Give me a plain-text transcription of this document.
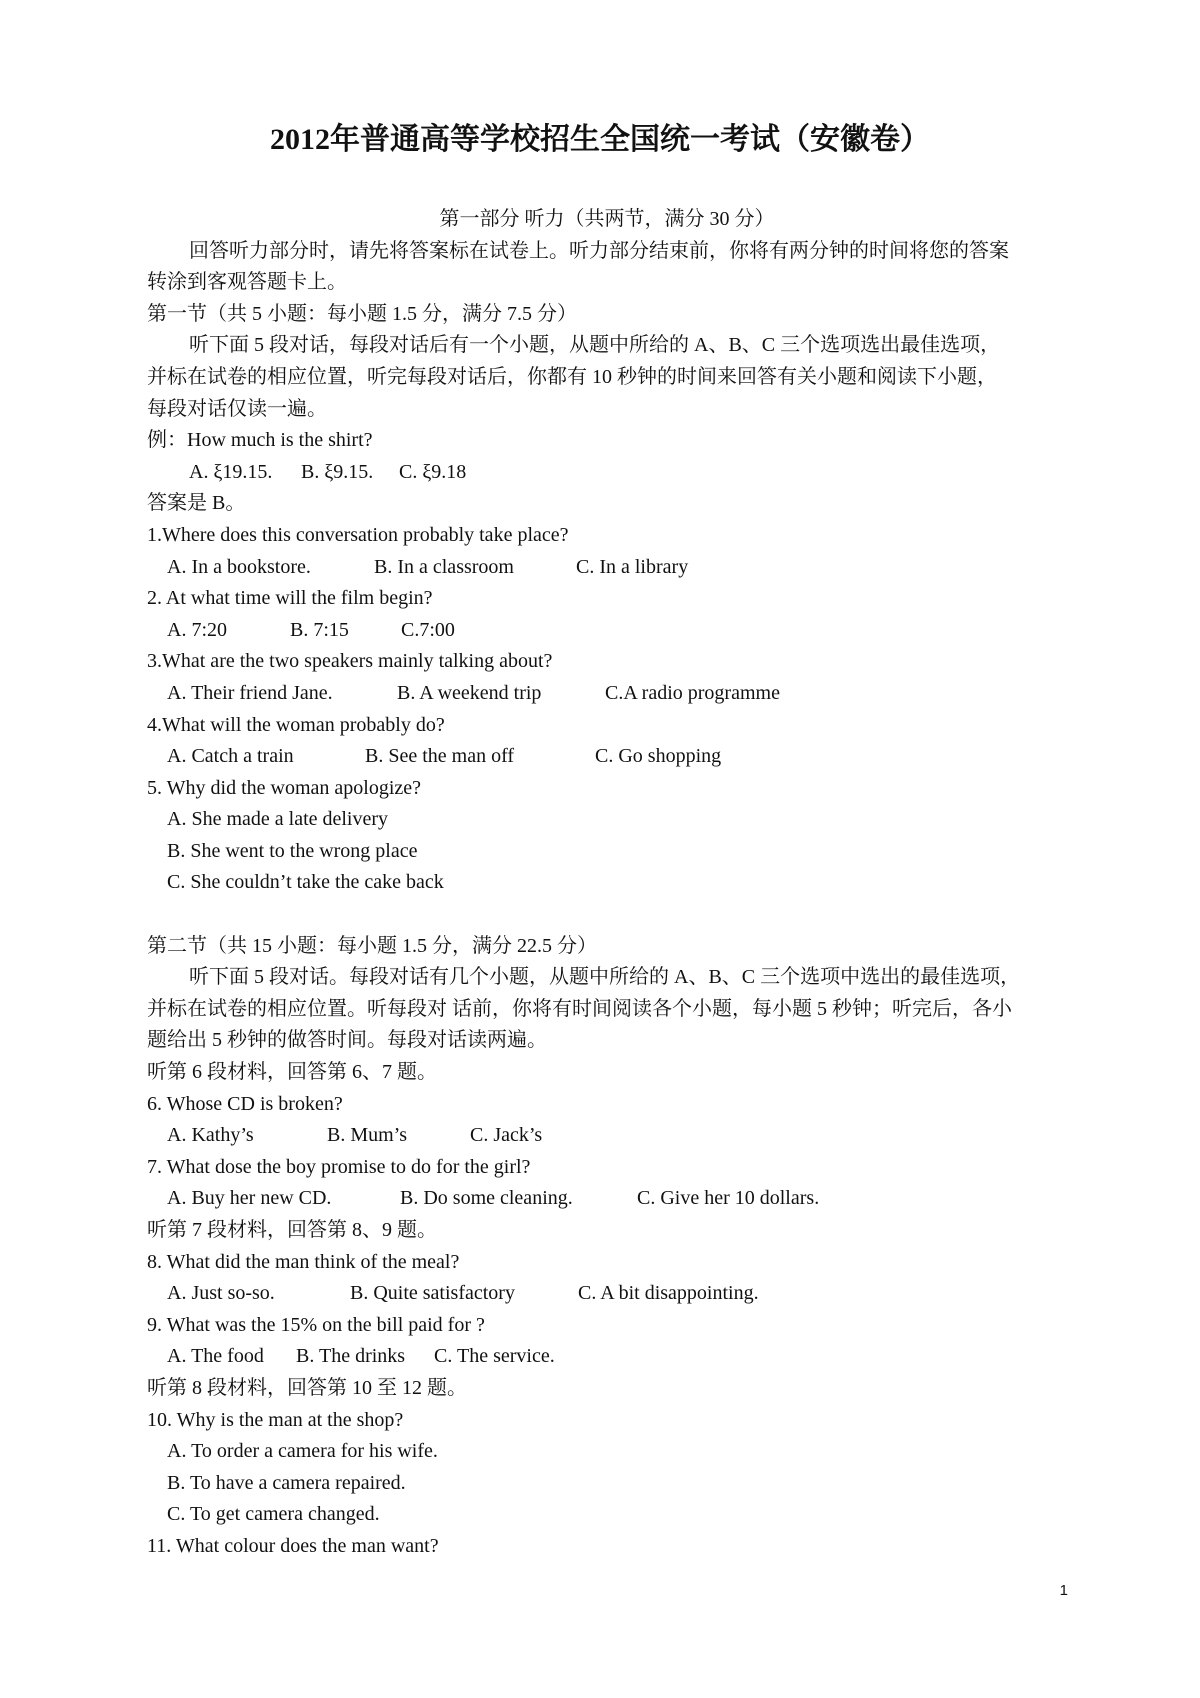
2012年普通高等学校招生全国统一考试（安徽卷）
第一部分 听力（共两节，满分 30 分）
回答听力部分时，请先将答案标在试卷上。听力部分结束前，你将有两分钟的时间将您的答案
转涂到客观答题卡上。
第一节（共 5 小题：每小题 1.5 分，满分 7.5 分）
听下面 5 段对话，每段对话后有一个小题，从题中所给的 A、B、C 三个选项选出最佳选项，
并标在试卷的相应位置，听完每段对话后，你都有 10 秒钟的时间来回答有关小题和阅读下小题，
每段对话仅读一遍。
例：How much is the shirt?
A. ξ19.15. B. ξ9.15. C. ξ9.18
答案是 B。
1.Where does this conversation probably take place?
A. In a bookstore.	B. In a classroom	C. In a library
2. At what time will the film begin?
A. 7:20	B. 7:15	C.7:00
3.What are the two speakers mainly talking about?
A. Their friend Jane.	B. A weekend trip	C.A radio programme
4.What will the woman probably do?
A. Catch a train	B. See the man off	C. Go shopping
5. Why did the woman apologize?
A. She made a late delivery
B. She went to the wrong place
C. She couldn’t take the cake back
第二节（共 15 小题：每小题 1.5 分，满分 22.5 分）
听下面 5 段对话。每段对话有几个小题，从题中所给的 A、B、C 三个选项中选出的最佳选项，
并标在试卷的相应位置。听每段对 话前，你将有时间阅读各个小题，每小题 5 秒钟；听完后，各小
题给出 5 秒钟的做答时间。每段对话读两遍。
听第 6 段材料，回答第 6、7 题。
6. Whose CD is broken?
A. Kathy’s	B. Mum’s	C. Jack’s
7. What dose the boy promise to do for the girl?
A. Buy her new CD.	B. Do some cleaning.	C. Give her 10 dollars.
听第 7 段材料，回答第 8、9 题。
8. What did the man think of the meal?
A. Just so-so.	B. Quite satisfactory	C. A bit disappointing.
9. What was the 15% on the bill paid for ?
A. The food B. The drinks C. The service.
听第 8 段材料，回答第 10 至 12 题。
10. Why is the man at the shop?
A. To order a camera for his wife.
B. To have a camera repaired.
C. To get camera changed.
11. What colour does the man want?
1
